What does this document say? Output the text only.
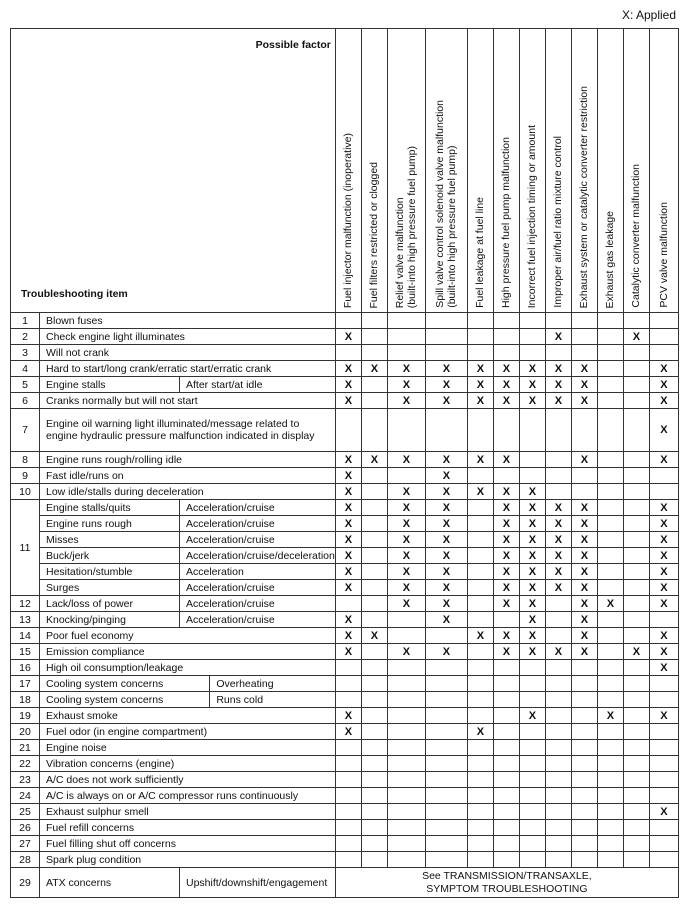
X: Applied
Possible factor
Troubleshooting item				Fuel injector malfunction (inoperative)	Fuel filters restricted or clogged	Relief valve malfunction
(built-into high pressure fuel pump)	Spill valve control solenoid valve malfunction
(built-into high pressure fuel pump)	Fuel leakage at fuel line	High pressure fuel pump malfunction	Incorrect fuel injection timing or amount	Improper air/fuel ratio mixture control	Exhaust system or catalytic converter restriction	Exhaust gas leakage	Catalytic converter malfunction	PCV valve malfunction

1	Blown fuses														
2	Check engine light illuminates			X							X			X	
3	Will not crank														
4	Hard to start/long crank/erratic start/erratic crank			X	X	X	X	X	X	X	X	X			X
5	Engine stalls	After start/at idle		X		X	X	X	X	X	X	X			X
6	Cranks normally but will not start			X		X	X	X	X	X	X	X			X
7	Engine oil warning light illuminated/message related to
engine hydraulic pressure malfunction indicated in display														X
8	Engine runs rough/rolling idle			X	X	X	X	X	X			X			X
9	Fast idle/runs on			X			X								
10	Low idle/stalls during deceleration			X		X	X	X	X	X					
11	Engine stalls/quits	Acceleration/cruise		X		X	X		X	X	X	X			X
	Engine runs rough	Acceleration/cruise		X		X	X		X	X	X	X			X
	Misses	Acceleration/cruise		X		X	X		X	X	X	X			X
	Buck/jerk	Acceleration/cruise/deceleration		X		X	X		X	X	X	X			X
	Hesitation/stumble	Acceleration		X		X	X		X	X	X	X			X
	Surges	Acceleration/cruise		X		X	X		X	X	X	X			X
12	Lack/loss of power	Acceleration/cruise				X	X		X	X		X	X		X
13	Knocking/pinging	Acceleration/cruise		X			X			X		X			
14	Poor fuel economy			X	X			X	X	X		X			X
15	Emission compliance			X		X	X		X	X	X	X		X	X
16	High oil consumption/leakage														X
17	Cooling system concerns		Overheating												
18	Cooling system concerns		Runs cold												
19	Exhaust smoke			X						X			X		X
20	Fuel odor (in engine compartment)			X				X							
21	Engine noise														
22	Vibration concerns (engine)														
23	A/C does not work sufficiently														
24	A/C is always on or A/C compressor runs continuously														
25	Exhaust sulphur smell														X
26	Fuel refill concerns														
27	Fuel filling shut off concerns														
28	Spark plug condition														
29	ATX concerns	Upshift/downshift/engagement		See TRANSMISSION/TRANSAXLE,
SYMPTOM TROUBLESHOOTING											
